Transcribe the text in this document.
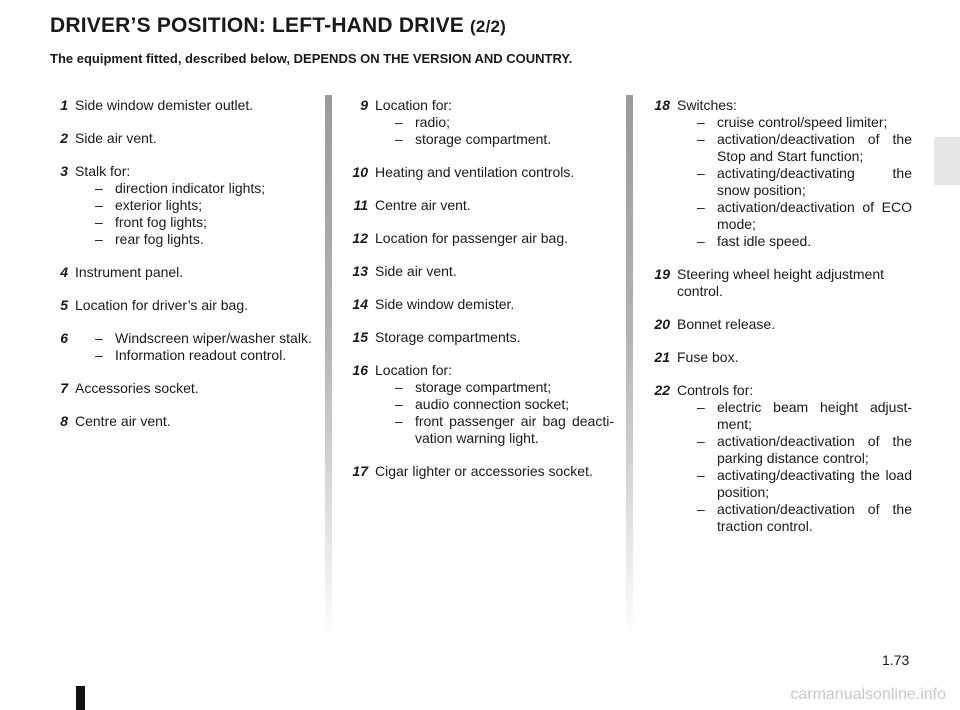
DRIVER’S POSITION: LEFT-HAND DRIVE (2/2)
The equipment fitted, described below, DEPENDS ON THE VERSION AND COUNTRY.
1 Side window demister outlet.
2 Side air vent.
3 Stalk for:
– direction indicator lights;
– exterior lights;
– front fog lights;
– rear fog lights.
4 Instrument panel.
5 Location for driver’s air bag.
6 – Windscreen wiper/washer stalk.
– Information readout control.
7 Accessories socket.
8 Centre air vent.
9 Location for:
– radio;
– storage compartment.
10 Heating and ventilation controls.
11 Centre air vent.
12 Location for passenger air bag.
13 Side air vent.
14 Side window demister.
15 Storage compartments.
16 Location for:
– storage compartment;
– audio connection socket;
– front passenger air bag deacti-vation warning light.
17 Cigar lighter or accessories socket.
18 Switches:
– cruise control/speed limiter;
– activation/deactivation of the Stop and Start function;
– activating/deactivating the snow position;
– activation/deactivation of ECO mode;
– fast idle speed.
19 Steering wheel height adjustment control.
20 Bonnet release.
21 Fuse box.
22 Controls for:
– electric beam height adjust-ment;
– activation/deactivation of the parking distance control;
– activating/deactivating the load position;
– activation/deactivation of the traction control.
1.73
carmanualsonline.info
